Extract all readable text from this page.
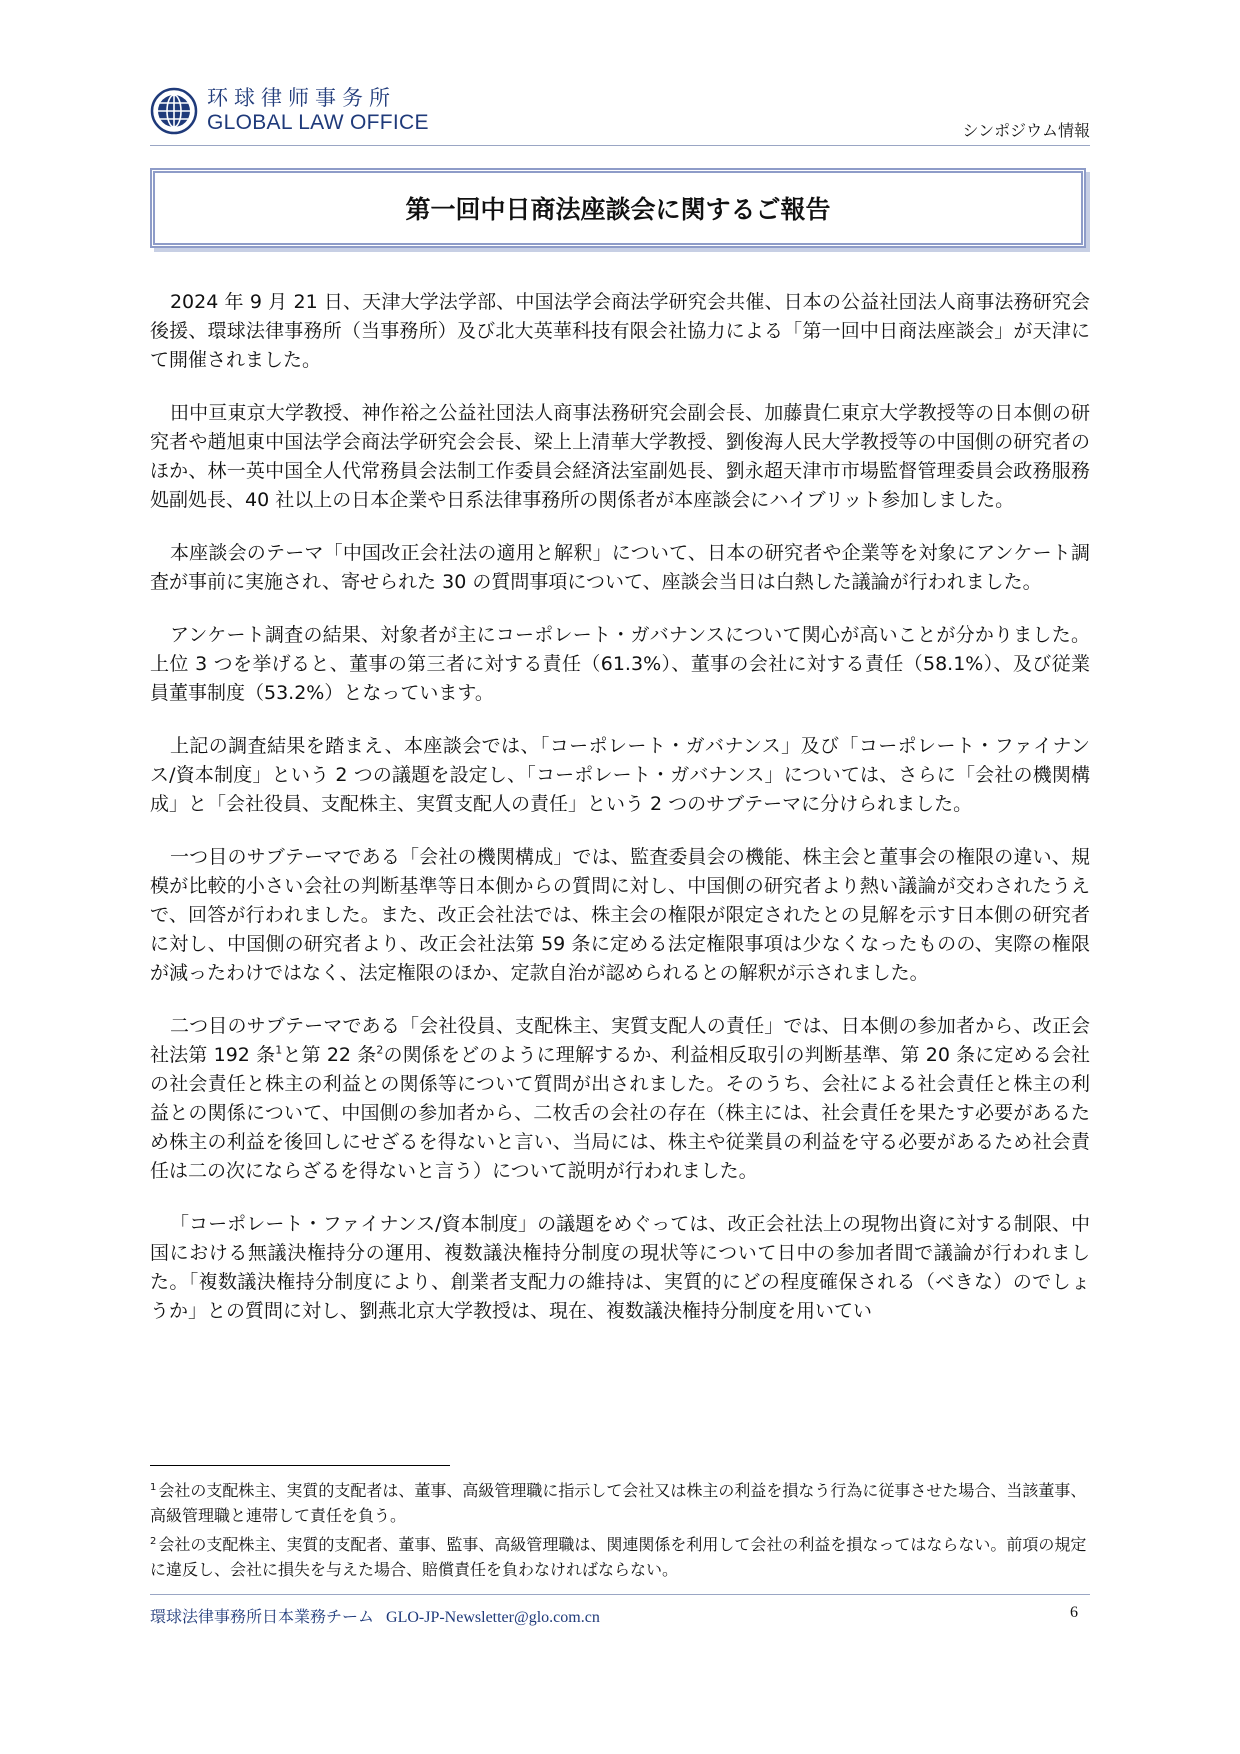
环球律师事务所
GLOBAL LAW OFFICE	シンポジウム情報
第一回中日商法座談会に関するご報告

2024 年 9 月 21 日、天津大学法学部、中国法学会商法学研究会共催、日本の公益社団法人商事法務研究会後援、環球法律事務所（当事務所）及び北大英華科技有限会社協力による「第一回中日商法座談会」が天津にて開催されました。

田中亘東京大学教授、神作裕之公益社団法人商事法務研究会副会長、加藤貴仁東京大学教授等の日本側の研究者や趙旭東中国法学会商法学研究会会長、梁上上清華大学教授、劉俊海人民大学教授等の中国側の研究者のほか、林一英中国全人代常務員会法制工作委員会経済法室副処長、劉永超天津市市場監督管理委員会政務服務処副処長、40 社以上の日本企業や日系法律事務所の関係者が本座談会にハイブリット参加しました。

本座談会のテーマ「中国改正会社法の適用と解釈」について、日本の研究者や企業等を対象にアンケート調査が事前に実施され、寄せられた 30 の質問事項について、座談会当日は白熱した議論が行われました。

アンケート調査の結果、対象者が主にコーポレート・ガバナンスについて関心が高いことが分かりました。上位 3 つを挙げると、董事の第三者に対する責任（61.3%）、董事の会社に対する責任（58.1%）、及び従業員董事制度（53.2%）となっています。

上記の調査結果を踏まえ、本座談会では、「コーポレート・ガバナンス」及び「コーポレート・ファイナンス/資本制度」という 2 つの議題を設定し、「コーポレート・ガバナンス」については、さらに「会社の機関構成」と「会社役員、支配株主、実質支配人の責任」という 2 つのサブテーマに分けられました。

一つ目のサブテーマである「会社の機関構成」では、監査委員会の機能、株主会と董事会の権限の違い、規模が比較的小さい会社の判断基準等日本側からの質問に対し、中国側の研究者より熱い議論が交わされたうえで、回答が行われました。また、改正会社法では、株主会の権限が限定されたとの見解を示す日本側の研究者に対し、中国側の研究者より、改正会社法第 59 条に定める法定権限事項は少なくなったものの、実際の権限が減ったわけではなく、法定権限のほか、定款自治が認められるとの解釈が示されました。

二つ目のサブテーマである「会社役員、支配株主、実質支配人の責任」では、日本側の参加者から、改正会社法第 192 条$^1$と第 22 条$^2$の関係をどのように理解するか、利益相反取引の判断基準、第 20 条に定める会社の社会責任と株主の利益との関係等について質問が出されました。そのうち、会社による社会責任と株主の利益との関係について、中国側の参加者から、二枚舌の会社の存在（株主には、社会責任を果たす必要があるため株主の利益を後回しにせざるを得ないと言い、当局には、株主や従業員の利益を守る必要があるため社会責任は二の次にならざるを得ないと言う）について説明が行われました。

「コーポレート・ファイナンス/資本制度」の議題をめぐっては、改正会社法上の現物出資に対する制限、中国における無議決権持分の運用、複数議決権持分制度の現状等について日中の参加者間で議論が行われました。「複数議決権持分制度により、創業者支配力の維持は、実質的にどの程度確保される（べきな）のでしょうか」との質問に対し、劉燕北京大学教授は、現在、複数議決権持分制度を用いてい

$^1$ 会社の支配株主、実質的支配者は、董事、高級管理職に指示して会社又は株主の利益を損なう行為に従事させた場合、当該董事、高級管理職と連帯して責任を負う。
$^2$ 会社の支配株主、実質的支配者、董事、監事、高級管理職は、関連関係を利用して会社の利益を損なってはならない。前項の規定に違反し、会社に損失を与えた場合、賠償責任を負わなければならない。
環球法律事務所日本業務チーム GLO-JP-Newsletter@glo.com.cn	6
